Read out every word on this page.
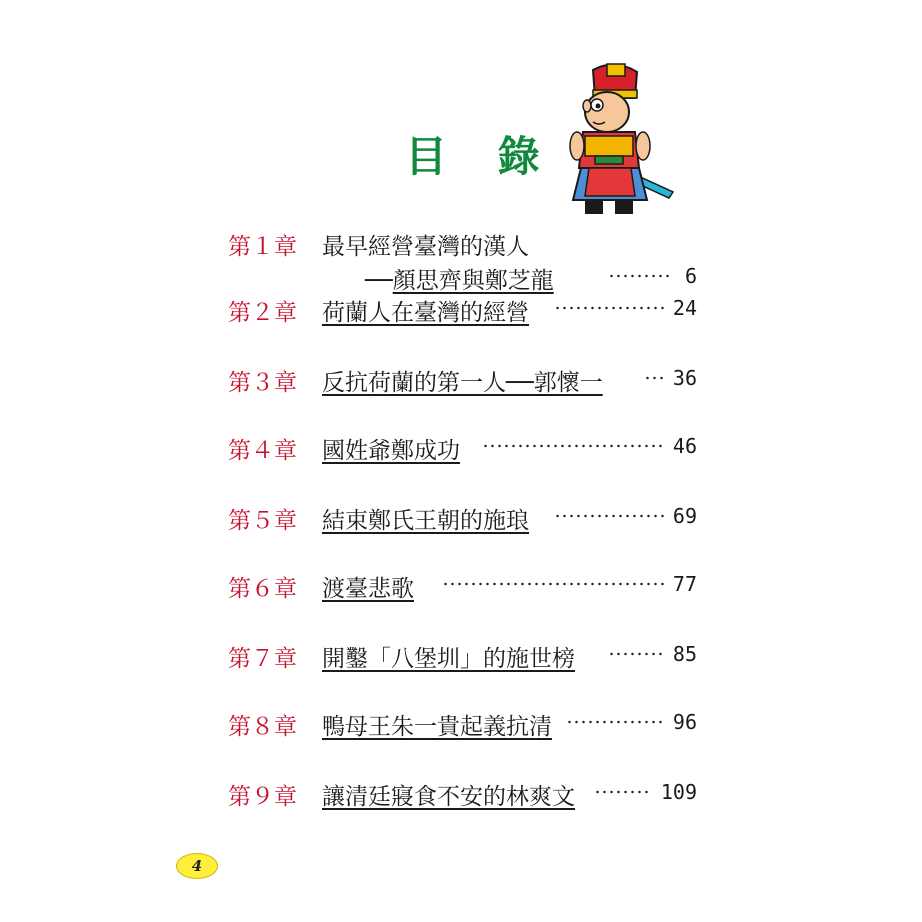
目 錄
第１章 最早經營臺灣的漢人
──顏思齊與鄭芝龍	6
第２章 荷蘭人在臺灣的經營	24
第３章 反抗荷蘭的第一人──郭懷一	36
第４章 國姓爺鄭成功	46
第５章 結束鄭氏王朝的施琅	69
第６章 渡臺悲歌	77
第７章 開鑿「八堡圳」的施世榜	85
第８章 鴨母王朱一貴起義抗清	96
第９章 讓清廷寢食不安的林爽文	109
4
